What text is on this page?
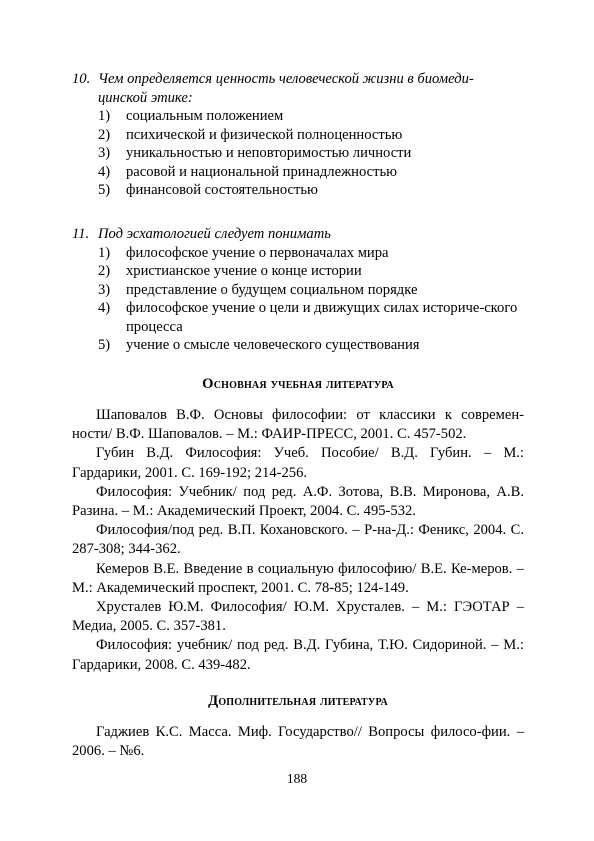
10. Чем определяется ценность человеческой жизни в биомеди-
цинской этике:
1)	социальным положением
2)	психической и физической полноценностью
3)	уникальностью и неповторимостью личности
4)	расовой и национальной принадлежностью
5)	финансовой состоятельностью
11. Под эсхатологией следует понимать
1)	философское учение о первоначалах мира
2)	христианское учение о конце истории
3)	представление о будущем социальном порядке
4)	философское учение о цели и движущих силах историче-ского процесса
5)	учение о смысле человеческого существования
Основная учебная литература

Шаповалов В.Ф. Основы философии: от классики к современ-ности/ В.Ф. Шаповалов. – М.: ФАИР-ПРЕСС, 2001. С. 457-502.

Губин В.Д. Философия: Учеб. Пособие/ В.Д. Губин. – М.: Гардарики, 2001. С. 169-192; 214-256.

Философия: Учебник/ под ред. А.Ф. Зотова, В.В. Миронова, А.В. Разина. – М.: Академический Проект, 2004. С. 495-532.

Философия/под ред. В.П. Кохановского. – Р-на-Д.: Феникс, 2004. С. 287-308; 344-362.

Кемеров В.Е. Введение в социальную философию/ В.Е. Ке-меров. – М.: Академический проспект, 2001. С. 78-85; 124-149.

Хрусталев Ю.М. Философия/ Ю.М. Хрусталев. – М.: ГЭОТАР – Медиа, 2005. С. 357-381.

Философия: учебник/ под ред. В.Д. Губина, Т.Ю. Сидориной. – М.: Гардарики, 2008. С. 439-482.

Дополнительная литература

Гаджиев К.С. Масса. Миф. Государство// Вопросы филосо-фии. – 2006. – №6.

188
